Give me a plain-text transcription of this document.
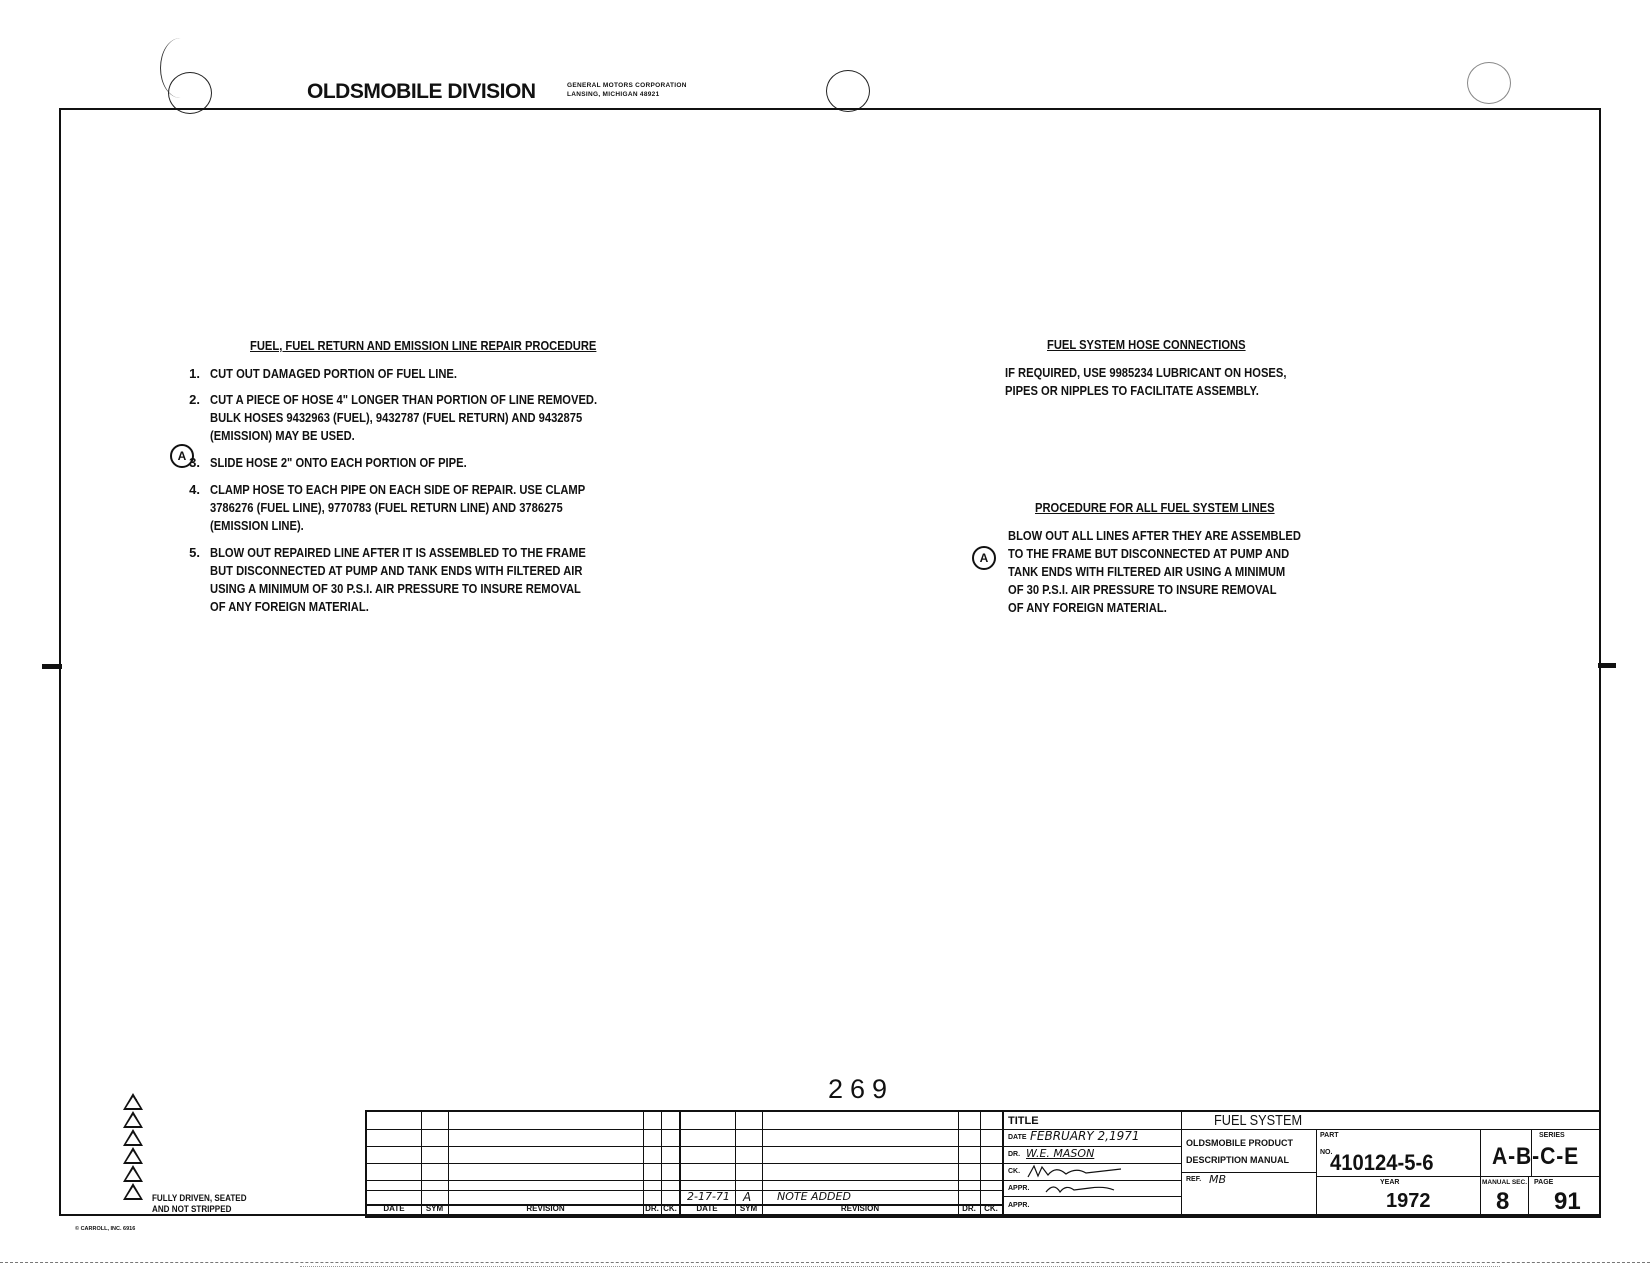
OLDSMOBILE DIVISION	GENERAL MOTORS CORPORATION
LANSING, MICHIGAN 48921
FUEL, FUEL RETURN AND EMISSION LINE REPAIR PROCEDURE
1. CUT OUT DAMAGED PORTION OF FUEL LINE.
2. CUT A PIECE OF HOSE 4" LONGER THAN PORTION OF LINE REMOVED.
BULK HOSES 9432963 (FUEL), 9432787 (FUEL RETURN) AND 9432875
(EMISSION) MAY BE USED.
A 3. SLIDE HOSE 2" ONTO EACH PORTION OF PIPE.
4. CLAMP HOSE TO EACH PIPE ON EACH SIDE OF REPAIR. USE CLAMP
3786276 (FUEL LINE), 9770783 (FUEL RETURN LINE) AND 3786275
(EMISSION LINE).
5. BLOW OUT REPAIRED LINE AFTER IT IS ASSEMBLED TO THE FRAME
BUT DISCONNECTED AT PUMP AND TANK ENDS WITH FILTERED AIR
USING A MINIMUM OF 30 P.S.I. AIR PRESSURE TO INSURE REMOVAL
OF ANY FOREIGN MATERIAL.
FUEL SYSTEM HOSE CONNECTIONS
IF REQUIRED, USE 9985234 LUBRICANT ON HOSES,
PIPES OR NIPPLES TO FACILITATE ASSEMBLY.
PROCEDURE FOR ALL FUEL SYSTEM LINES
A
BLOW OUT ALL LINES AFTER THEY ARE ASSEMBLED
TO THE FRAME BUT DISCONNECTED AT PUMP AND
TANK ENDS WITH FILTERED AIR USING A MINIMUM
OF 30 P.S.I. AIR PRESSURE TO INSURE REMOVAL
OF ANY FOREIGN MATERIAL.
269
5
4
3
2
1
0
FULLY DRIVEN, SEATED
AND NOT STRIPPED
© CARROLL, INC. 6916
DATE	SYM	REVISION	DR. CK.	DATE	SYM	REVISION	DR.	CK.
2-17-71 A NOTE ADDED
TITLE	FUEL SYSTEM
DATE FEBRUARY 2,1971
DR. W.E. MASON
CK.
APPR.
APPR.
OLDSMOBILE PRODUCT
DESCRIPTION MANUAL
REF. MB
PART
NO.
410124-5-6
SERIES
A-B-C-E
YEAR
1972
MANUAL SEC.
8
PAGE
91
